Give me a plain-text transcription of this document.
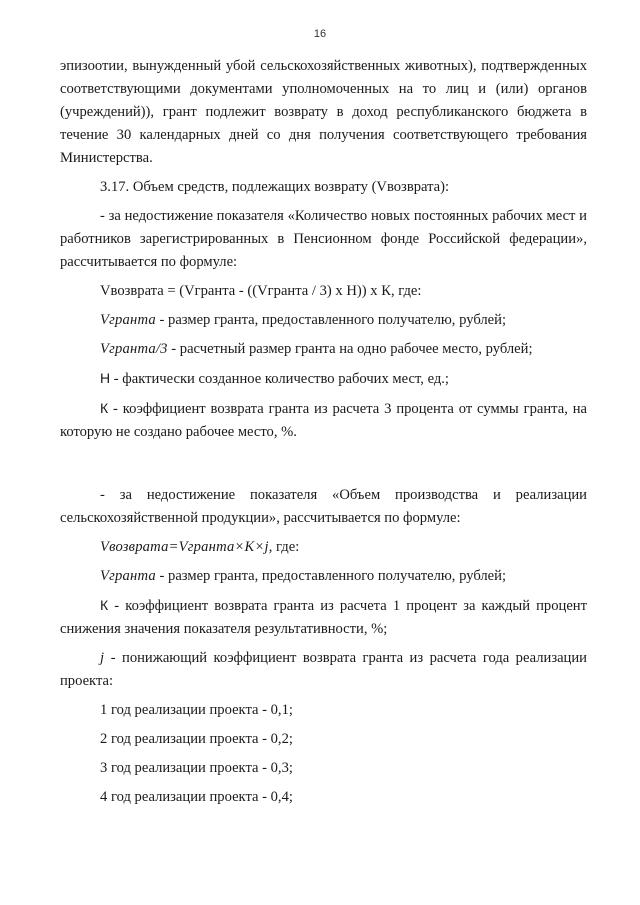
16

эпизоотии, вынужденный убой сельскохозяйственных животных), подтвержденных соответствующими документами уполномоченных на то лиц и (или) органов (учреждений)), грант подлежит возврату в доход республиканского бюджета в течение 30 календарных дней со дня получения соответствующего требования Министерства.

3.17. Объем средств, подлежащих возврату (Vвозврата):

- за недостижение показателя «Количество новых постоянных рабочих мест и работников зарегистрированных в Пенсионном фонде Российской федерации», рассчитывается по формуле:

Vвозврата = (Vгранта - ((Vгранта / 3) х Н)) х К, где:

Vгранта - размер гранта, предоставленного получателю, рублей;

Vгранта/3 - расчетный размер гранта на одно рабочее место, рублей;

Н - фактически созданное количество рабочих мест, ед.;

К - коэффициент возврата гранта из расчета 3 процента от суммы гранта, на которую не создано рабочее место, %.

- за недостижение показателя «Объем производства и реализации сельскохозяйственной продукции», рассчитывается по формуле:

Vвозврата=Vгранта×К×j, где:

Vгранта - размер гранта, предоставленного получателю, рублей;

К - коэффициент возврата гранта из расчета 1 процент за каждый процент снижения значения показателя результативности, %;

j - понижающий коэффициент возврата гранта из расчета года реализации проекта:

1 год реализации проекта - 0,1;

2 год реализации проекта - 0,2;

3 год реализации проекта - 0,3;

4 год реализации проекта - 0,4;
